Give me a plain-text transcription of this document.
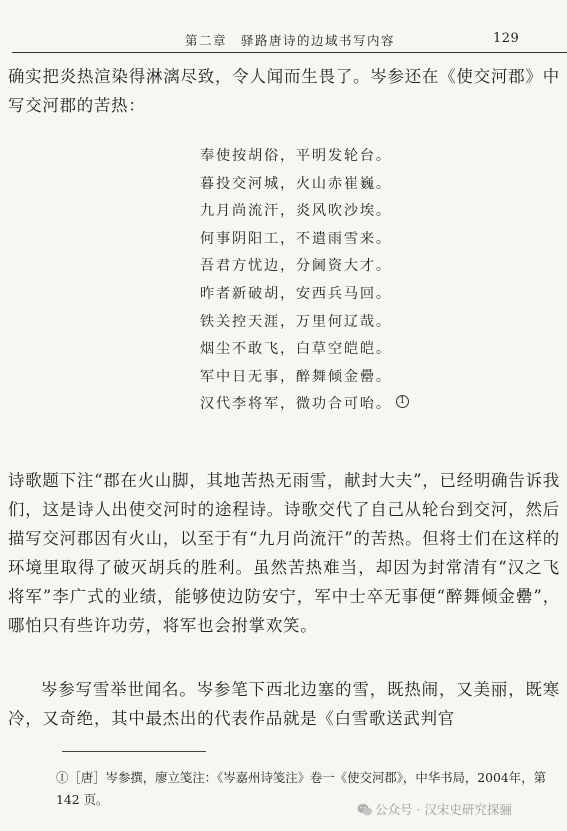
第二章　驿路唐诗的边域书写内容	129

确实把炎热渲染得淋漓尽致，令人闻而生畏了。岑参还在《使交河郡》中写交河郡的苦热：

奉使按胡俗，平明发轮台。
暮投交河城，火山赤崔巍。
九月尚流汗，炎风吹沙埃。
何事阴阳工，不遣雨雪来。
吾君方忧边，分阃资大才。
昨者新破胡，安西兵马回。
铁关控天涯，万里何辽哉。
烟尘不敢飞，白草空皑皑。
军中日无事，醉舞倾金罍。
汉代李将军，微功合可咍。 1

诗歌题下注“郡在火山脚，其地苦热无雨雪，献封大夫”，已经明确告诉我们，这是诗人出使交河时的途程诗。诗歌交代了自己从轮台到交河，然后描写交河郡因有火山，以至于有“九月尚流汗”的苦热。但将士们在这样的环境里取得了破灭胡兵的胜利。虽然苦热难当，却因为封常清有“汉之飞将军”李广式的业绩，能够使边防安宁，军中士卒无事便“醉舞倾金罍”，哪怕只有些许功劳，将军也会拊掌欢笑。

岑参写雪举世闻名。岑参笔下西北边塞的雪，既热闹，又美丽，既寒冷，又奇绝，其中最杰出的代表作品就是《白雪歌送武判官

①［唐］岑参撰，廖立笺注：《岑嘉州诗笺注》卷一《使交河郡》，中华书局，2004年，第 142 页。

公众号 · 汉宋史研究探骊
